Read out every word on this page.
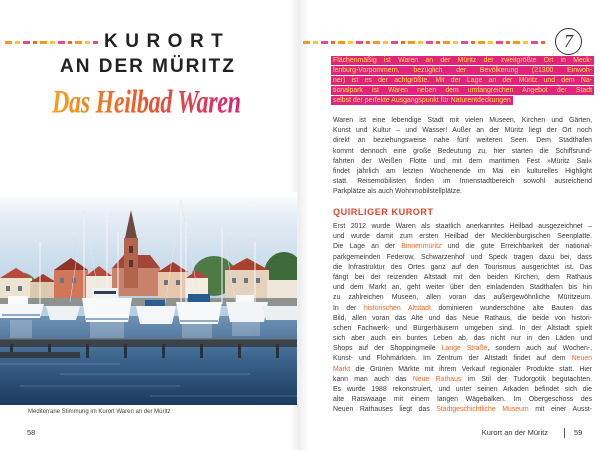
KURORT
AN DER MÜRITZ
Das Heilbad Waren
Mediterrane Stimmung im Kurort Waren an der Müritz
58
7
Flächenmäßig ist Waren an der Müritz der zweitgrößte Ort in Meck-
lenburg-Vorpommern, bezüglich der Bevölkerung (21300 Einwoh-
ner) ist es der achtgrößte. Mit der Lage an der Müritz und dem Na-
tionalpark ist Waren neben dem umfangreichen Angebot der Stadt
selbst der perfekte Ausgangspunkt für Naturentdeckungen
Waren ist eine lebendige Stadt mit vielen Museen, Kirchen und Gärten,
Kunst und Kultur – und Wasser! Außer an der Müritz liegt der Ort noch
direkt an beziehungsweise nahe fünf weiteren Seen. Dem Stadthafen
kommt dennoch eine große Bedeutung zu, hier starten die Schiffsrund-
fahrten der Weißen Flotte und mit dem maritimen Fest »Müritz Sail«
findet jährlich am letzten Wochenende im Mai ein kulturelles Highlight
statt. Reisemobilisten finden im Innenstadtbereich sowohl ausreichend
Parkplätze als auch Wohnmobilstellplätze.
QUIRLIGER KURORT
Erst 2012 wurde Waren als staatlich anerkanntes Heilbad ausgezeichnet –
und wurde damit zum ersten Heilbad der Mecklenburgischen Seenplatte.
Die Lage an der Binnenmüritz und die gute Erreichbarkeit der national-
parkgemeinden Federow, Schwarzenhof und Speck tragen dazu bei, dass
die Infrastruktur des Ortes ganz auf den Tourismus ausgerichtet ist. Das
fängt bei der reizenden Altstadt mit den beiden Kirchen, dem Rathaus
und dem Markt an, geht weiter über den einladenden Stadthafen bis hin
zu zahlreichen Museen, allen voran das außergewöhnliche Müritzeum.
In der historischen Altstadt dominieren wunderschöne alte Bauten das
Bild, allen voran das Alte und das Neue Rathaus, die beide von histori-
schen Fachwerk- und Bürgerhäusern umgeben sind. In der Altstadt spielt
sich aber auch ein buntes Leben ab, das nicht nur in den Läden und
Shops auf der Shoppingmeile Lange Straße, sondern auch auf Wochen-,
Kunst- und Flohmärkten. Im Zentrum der Altstadt findet auf dem Neuen
Markt die Grünen Märkte mit ihrem Verkauf regionaler Produkte statt. Hier
kann man auch das Neue Rathaus im Stil der Tudorgotik begutachten.
Es wurde 1988 rekonstruiert, und unter seinen Arkaden befindet sich die
alte Ratswaage mit einem langen Wägebalken. Im Obergeschoss des
Neuen Rathauses liegt das Stadtgeschichtliche Museum mit einer Ausst-
Kurort an der Müritz	59
